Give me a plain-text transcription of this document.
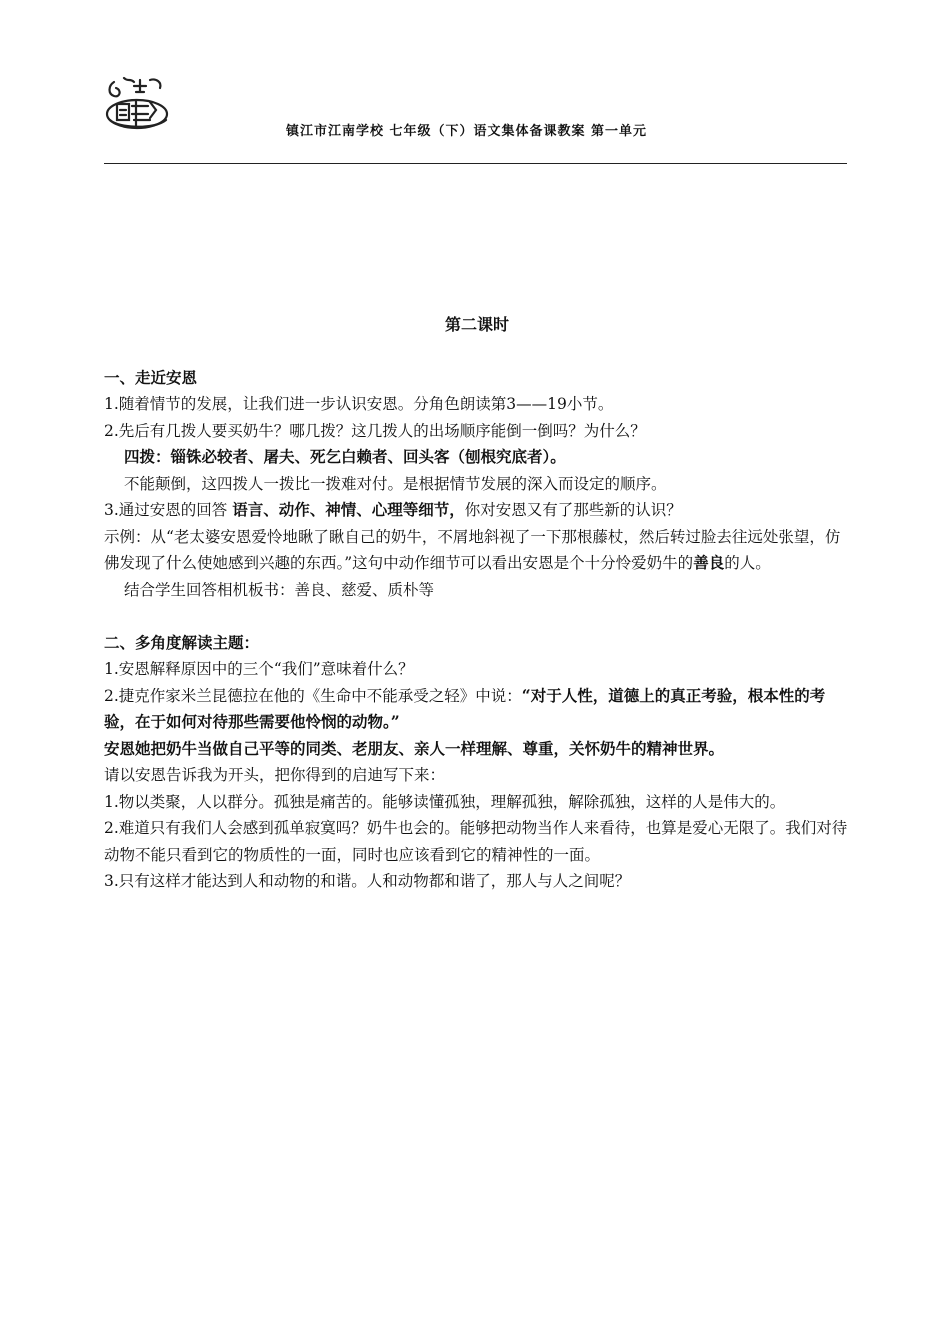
镇江市江南学校 七年级（下）语文集体备课教案 第一单元
第二课时
一、走近安恩
1.随着情节的发展，让我们进一步认识安恩。分角色朗读第3——19小节。
2.先后有几拨人要买奶牛？哪几拨？这几拨人的出场顺序能倒一倒吗？为什么？
四拨：锱铢必较者、屠夫、死乞白赖者、回头客（刨根究底者）。
不能颠倒，这四拨人一拨比一拨难对付。是根据情节发展的深入而设定的顺序。
3.通过安恩的回答 语言、动作、神情、心理等细节，你对安恩又有了那些新的认识？
示例：从“老太婆安恩爱怜地瞅了瞅自己的奶牛，不屑地斜视了一下那根藤杖，然后转过脸去往远处张望，仿佛发现了什么使她感到兴趣的东西。”这句中动作细节可以看出安恩是个十分怜爱奶牛的善良的人。
结合学生回答相机板书：善良、慈爱、质朴等
二、多角度解读主题：
1.安恩解释原因中的三个“我们”意味着什么？
2.捷克作家米兰昆德拉在他的《生命中不能承受之轻》中说：“对于人性，道德上的真正考验，根本性的考验，在于如何对待那些需要他怜悯的动物。”
安恩她把奶牛当做自己平等的同类、老朋友、亲人一样理解、尊重，关怀奶牛的精神世界。
请以安恩告诉我为开头，把你得到的启迪写下来：
1.物以类聚，人以群分。孤独是痛苦的。能够读懂孤独，理解孤独，解除孤独，这样的人是伟大的。
2.难道只有我们人会感到孤单寂寞吗？奶牛也会的。能够把动物当作人来看待，也算是爱心无限了。我们对待动物不能只看到它的物质性的一面，同时也应该看到它的精神性的一面。
3.只有这样才能达到人和动物的和谐。人和动物都和谐了，那人与人之间呢？
